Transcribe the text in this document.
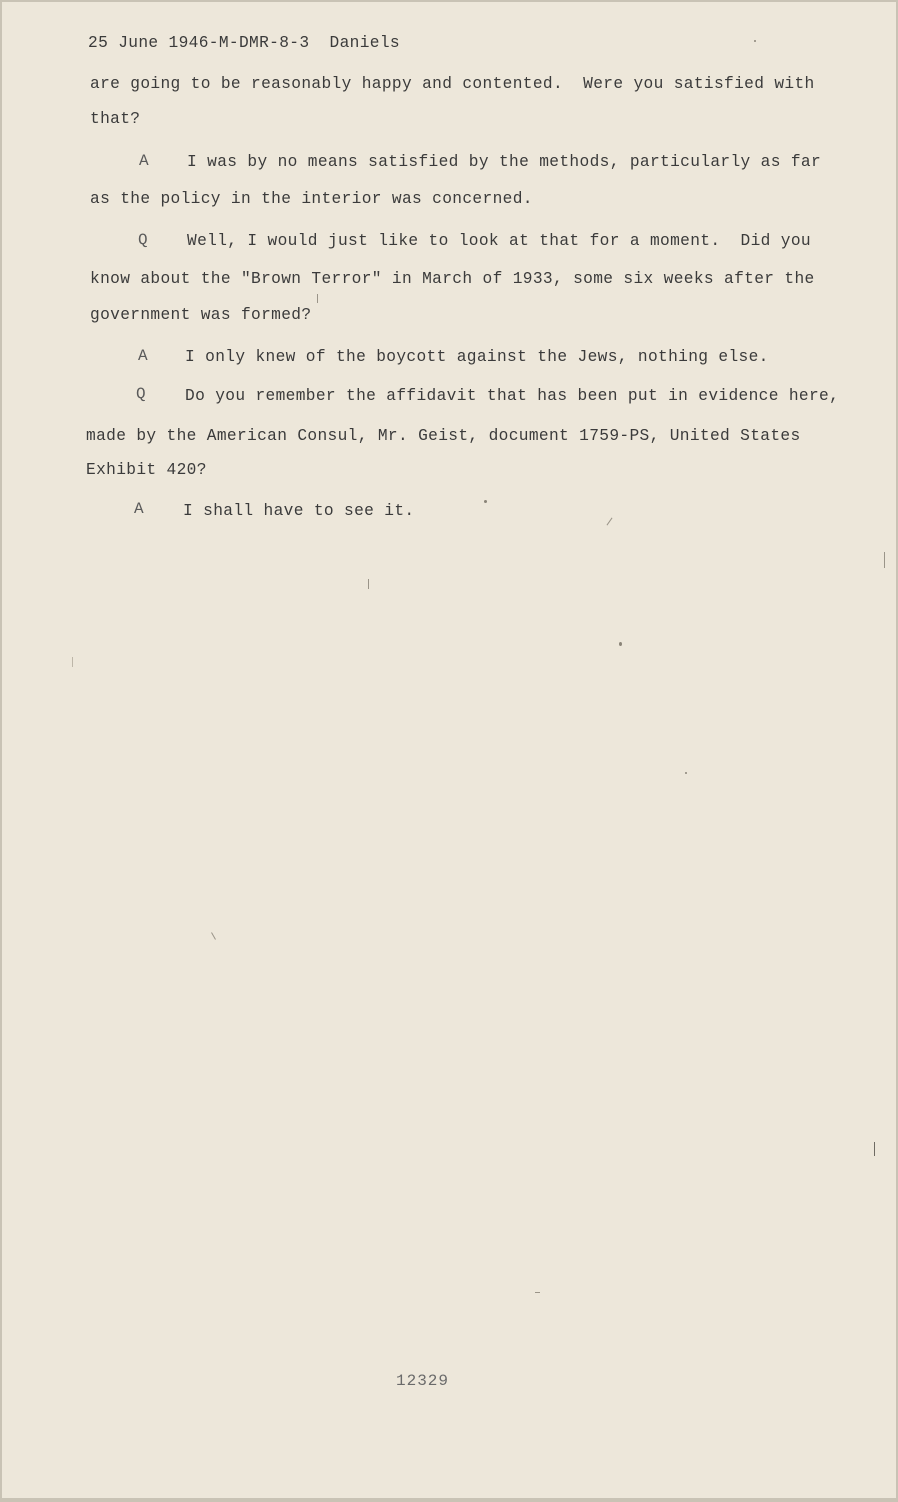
25 June 1946-M-DMR-8-3  Daniels
are going to be reasonably happy and contented.  Were you satisfied with
that?
A I was by no means satisfied by the methods, particularly as far
as the policy in the interior was concerned.
Q Well, I would just like to look at that for a moment.  Did you
know about the "Brown Terror" in March of 1933, some six weeks after the
government was formed?
A I only knew of the boycott against the Jews, nothing else.
Q Do you remember the affidavit that has been put in evidence here,
made by the American Consul, Mr. Geist, document 1759-PS, United States
Exhibit 420?
A I shall have to see it.
12329
